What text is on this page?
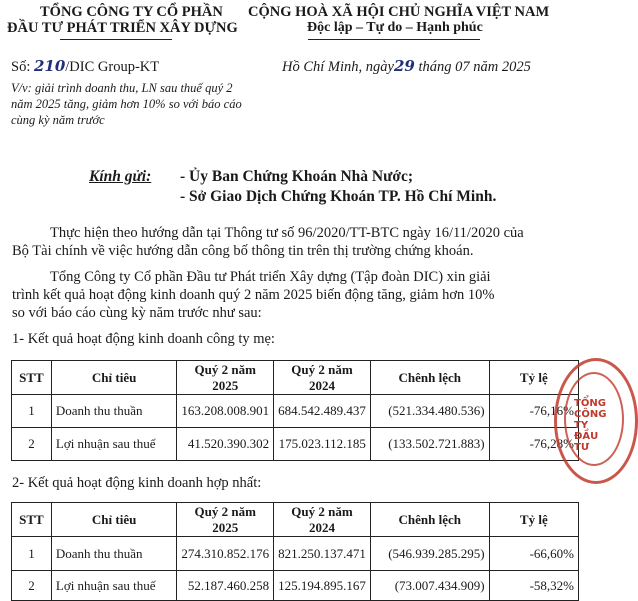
TỔNG CÔNG TY CỔ PHẦN
ĐẦU TƯ PHÁT TRIỂN XÂY DỰNG
CỘNG HOÀ XÃ HỘI CHỦ NGHĨA VIỆT NAM
Độc lập – Tự do – Hạnh phúc
Số: 210/DIC Group-KT	Hồ Chí Minh, ngày29 tháng 07 năm 2025
V/v: giải trình doanh thu, LN sau thuế quý 2
năm 2025 tăng, giảm hơn 10% so với báo cáo
cùng kỳ năm trước
Kính gửi: - Ủy Ban Chứng Khoán Nhà Nước;
- Sở Giao Dịch Chứng Khoán TP. Hồ Chí Minh.
Thực hiện theo hướng dẫn tại Thông tư số 96/2020/TT-BTC ngày 16/11/2020 của
Bộ Tài chính về việc hướng dẫn công bố thông tin trên thị trường chứng khoán.
Tổng Công ty Cổ phần Đầu tư Phát triển Xây dựng (Tập đoàn DIC) xin giải
trình kết quả hoạt động kinh doanh quý 2 năm 2025 biến động tăng, giảm hơn 10%
so với báo cáo cùng kỳ năm trước như sau:
1- Kết quả hoạt động kinh doanh công ty mẹ:
STT	Chỉ tiêu	Quý 2 năm 2025	Quý 2 năm 2024	Chênh lệch	Tỷ lệ
1	Doanh thu thuần	163.208.008.901	684.542.489.437	(521.334.480.536)	-76,16%
2	Lợi nhuận sau thuế	41.520.390.302	175.023.112.185	(133.502.721.883)	-76,28%
2- Kết quả hoạt động kinh doanh hợp nhất:
STT	Chỉ tiêu	Quý 2 năm 2025	Quý 2 năm 2024	Chênh lệch	Tỷ lệ
1	Doanh thu thuần	274.310.852.176	821.250.137.471	(546.939.285.295)	-66,60%
2	Lợi nhuận sau thuế	52.187.460.258	125.194.895.167	(73.007.434.909)	-58,32%
TỔNG CÔNG TY ĐẦU TƯ
